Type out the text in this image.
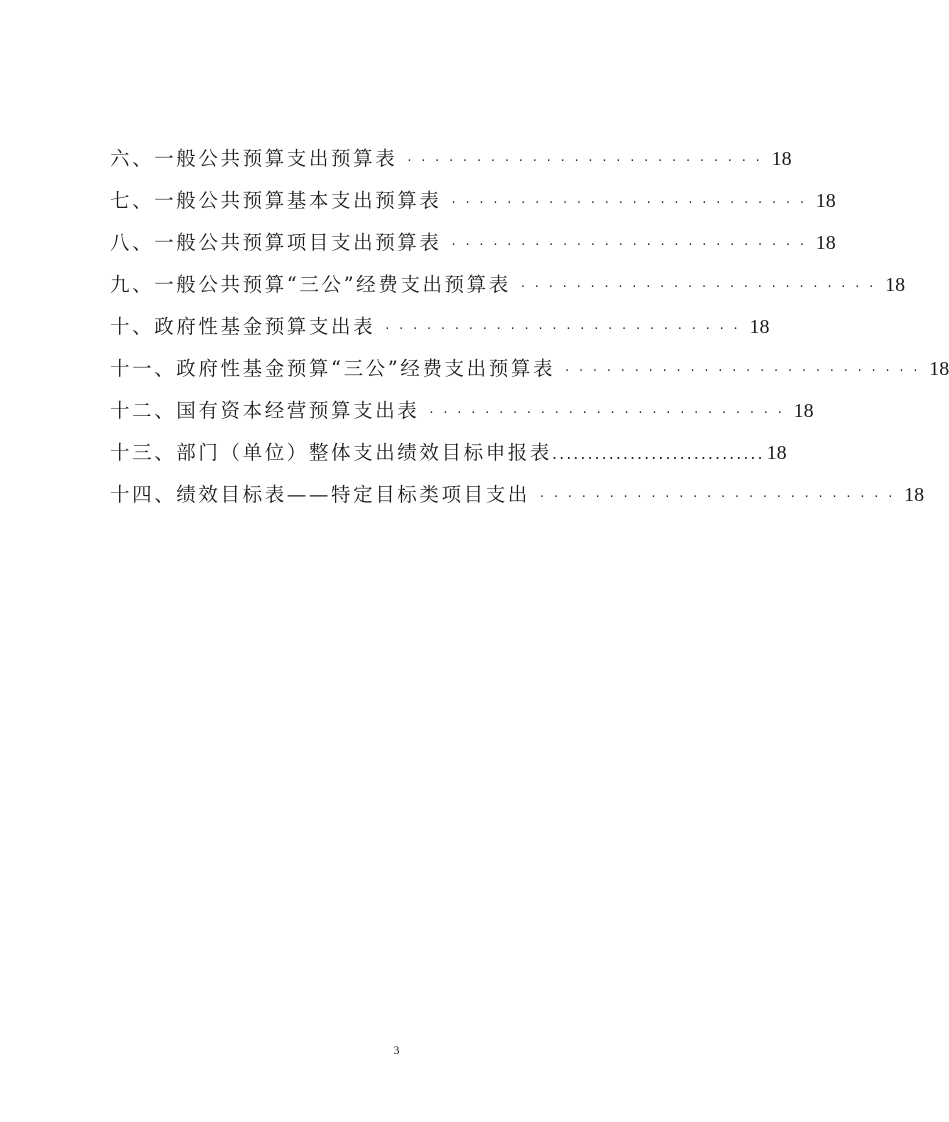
六、一般公共预算支出预算表 ·························· 18
七、一般公共预算基本支出预算表 ·························· 18
八、一般公共预算项目支出预算表 ·························· 18
九、一般公共预算“三公”经费支出预算表 ·························· 18
十、政府性基金预算支出表 ·························· 18
十一、政府性基金预算“三公”经费支出预算表 ·························· 18
十二、国有资本经营预算支出表 ·························· 18
十三、部门（单位）整体支出绩效目标申报表 .............................. 18
十四、绩效目标表——特定目标类项目支出 ·························· 18
3
